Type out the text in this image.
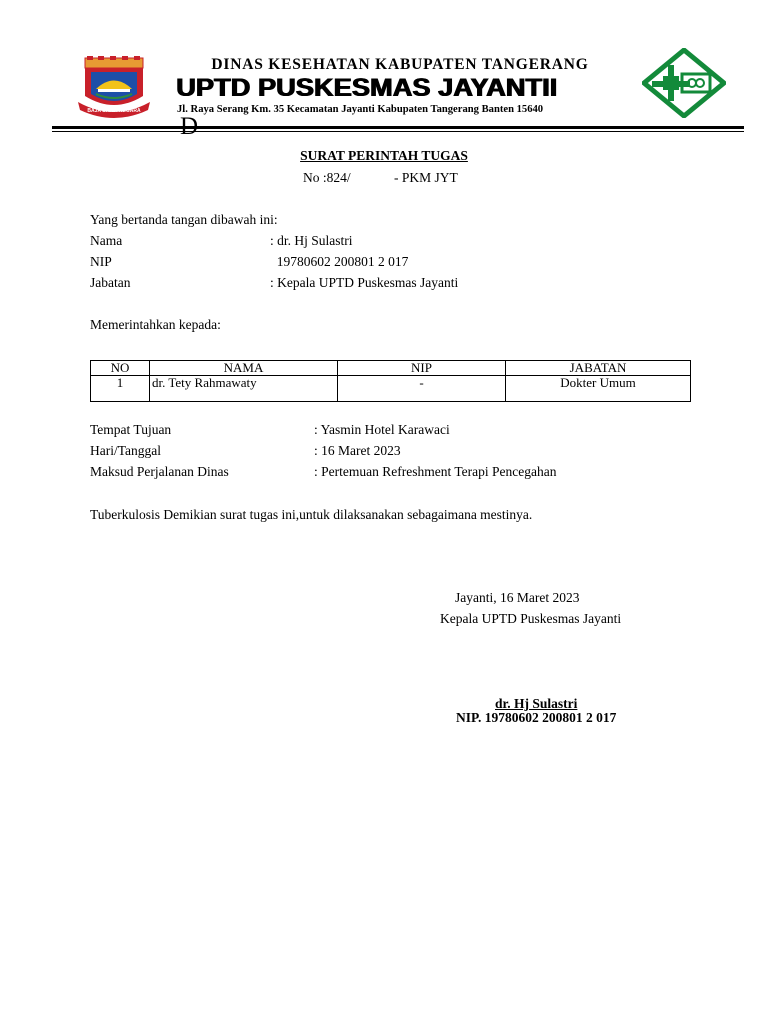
BAJA BAKTI NEGARA
DINAS KESEHATAN KABUPATEN TANGERANG
UPTD PUSKESMAS JAYANTII
Jl. Raya Serang Km. 35 Kecamatan Jayanti Kabupaten Tangerang Banten 15640
SURAT PERINTAH TUGAS
No :824/	- PKM JYT
Yang bertanda tangan dibawah ini:
Nama	: dr. Hj Sulastri
NIP	19780602 200801 2 017
Jabatan	: Kepala UPTD Puskesmas Jayanti
Memerintahkan kepada:
NO	NAMA	NIP	JABATAN
1	dr. Tety Rahmawaty	-	Dokter Umum
Tempat Tujuan	: Yasmin Hotel Karawaci
Hari/Tanggal	: 16 Maret 2023
Maksud Perjalanan Dinas	: Pertemuan Refreshment Terapi Pencegahan
Tuberkulosis Demikian surat tugas ini,untuk dilaksanakan sebagaimana mestinya.
Jayanti, 16 Maret 2023
Kepala UPTD Puskesmas Jayanti
dr. Hj Sulastri
NIP. 19780602 200801 2 017
